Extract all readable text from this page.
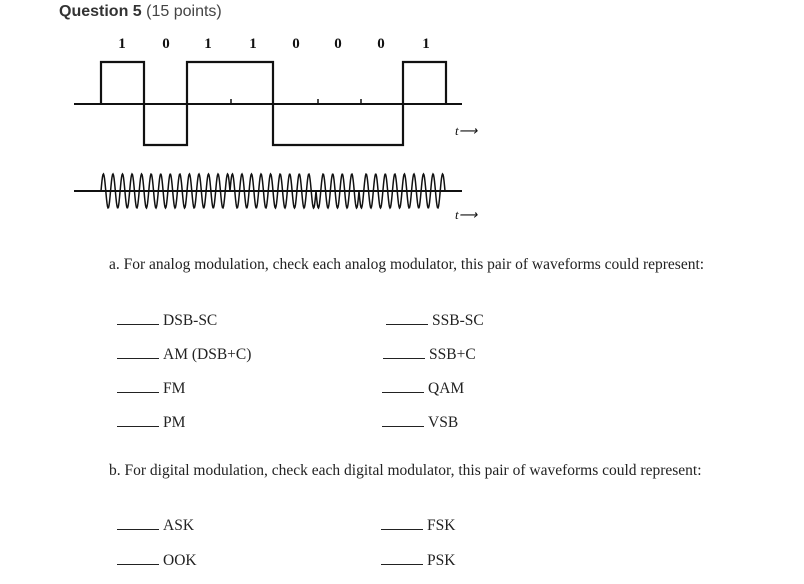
Question 5 (15 points)
1	0	1	1	0	0	0	1
t⟶
t⟶
a. For analog modulation, check each analog modulator, this pair of waveforms could represent:
DSB-SC	SSB-SC
AM (DSB+C)	SSB+C
FM	QAM
PM	VSB
b. For digital modulation, check each digital modulator, this pair of waveforms could represent:
ASK	FSK
OOK	PSK
